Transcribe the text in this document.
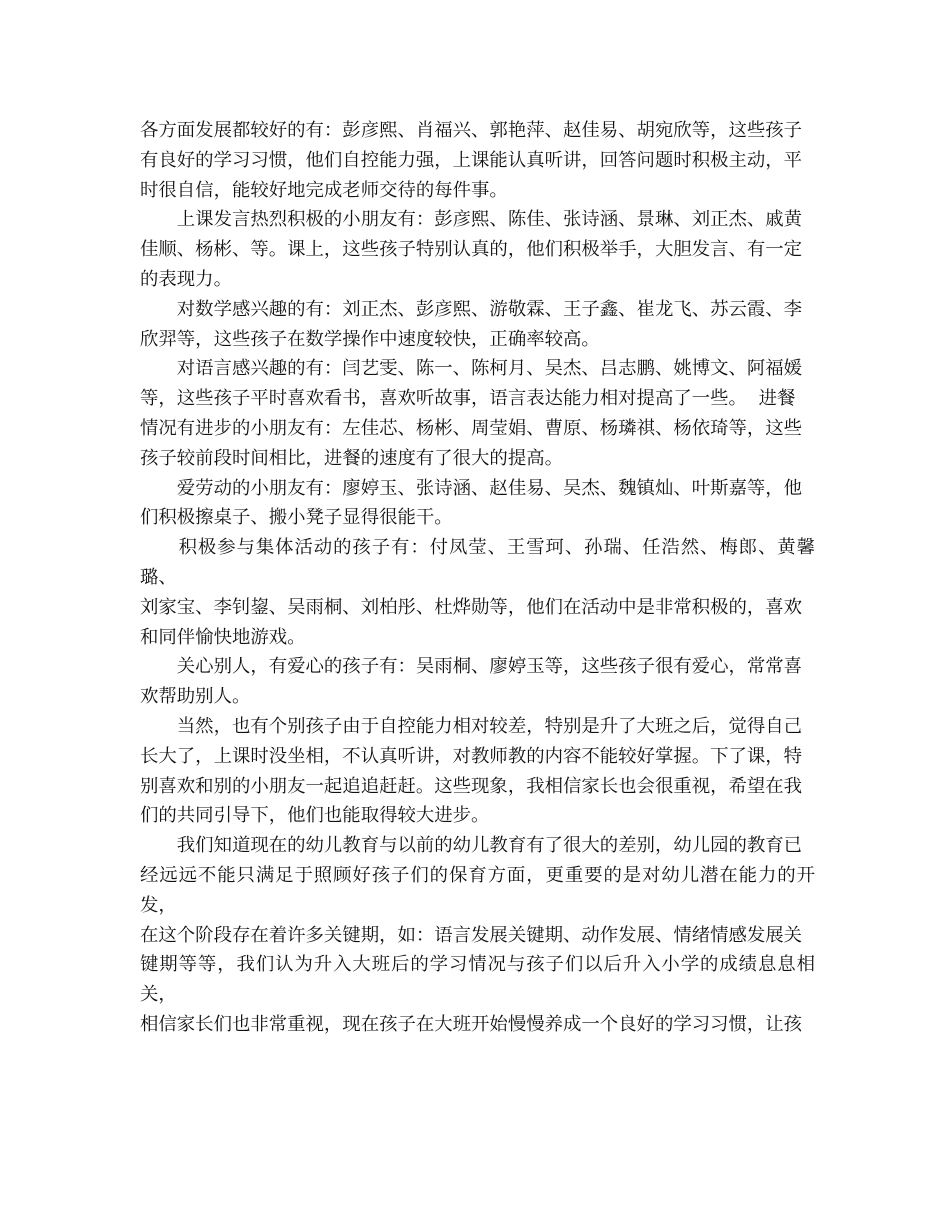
各方面发展都较好的有：彭彦熙、肖福兴、郭艳萍、赵佳易、胡宛欣等，这些孩子
有良好的学习习惯，他们自控能力强，上课能认真听讲，回答问题时积极主动，平
时很自信，能较好地完成老师交待的每件事。

　　上课发言热烈积极的小朋友有：彭彦熙、陈佳、张诗涵、景琳、刘正杰、戚黄
佳顺、杨彬、等。课上，这些孩子特别认真的，他们积极举手，大胆发言、有一定
的表现力。

　　对数学感兴趣的有：刘正杰、彭彦熙、游敬霖、王子鑫、崔龙飞、苏云霞、李
欣羿等，这些孩子在数学操作中速度较快，正确率较高。

　　对语言感兴趣的有：闫艺雯、陈一、陈柯月、吴杰、吕志鹏、姚博文、阿福媛
等，这些孩子平时喜欢看书，喜欢听故事，语言表达能力相对提高了一些。  进餐
情况有进步的小朋友有：左佳芯、杨彬、周莹娟、曹原、杨璘祺、杨依琦等，这些
孩子较前段时间相比，进餐的速度有了很大的提高。

　　爱劳动的小朋友有：廖婷玉、张诗涵、赵佳易、吴杰、魏镇灿、叶斯嘉等，他
们积极擦桌子、搬小凳子显得很能干。

　　积极参与集体活动的孩子有：付凤莹、王雪珂、孙瑞、任浩然、梅郎、黄馨璐、
刘家宝、李钊鋆、吴雨桐、刘柏彤、杜烨勋等，他们在活动中是非常积极的，喜欢
和同伴愉快地游戏。

　　关心别人，有爱心的孩子有：吴雨桐、廖婷玉等，这些孩子很有爱心，常常喜
欢帮助别人。

　　当然，也有个别孩子由于自控能力相对较差，特别是升了大班之后，觉得自己
长大了，上课时没坐相，不认真听讲，对教师教的内容不能较好掌握。下了课，特
别喜欢和别的小朋友一起追追赶赶。这些现象，我相信家长也会很重视，希望在我
们的共同引导下，他们也能取得较大进步。

　　我们知道现在的幼儿教育与以前的幼儿教育有了很大的差别，幼儿园的教育已
经远远不能只满足于照顾好孩子们的保育方面，更重要的是对幼儿潜在能力的开发，
在这个阶段存在着许多关键期，如：语言发展关键期、动作发展、情绪情感发展关
键期等等，我们认为升入大班后的学习情况与孩子们以后升入小学的成绩息息相关，
相信家长们也非常重视，现在孩子在大班开始慢慢养成一个良好的学习习惯，让孩
